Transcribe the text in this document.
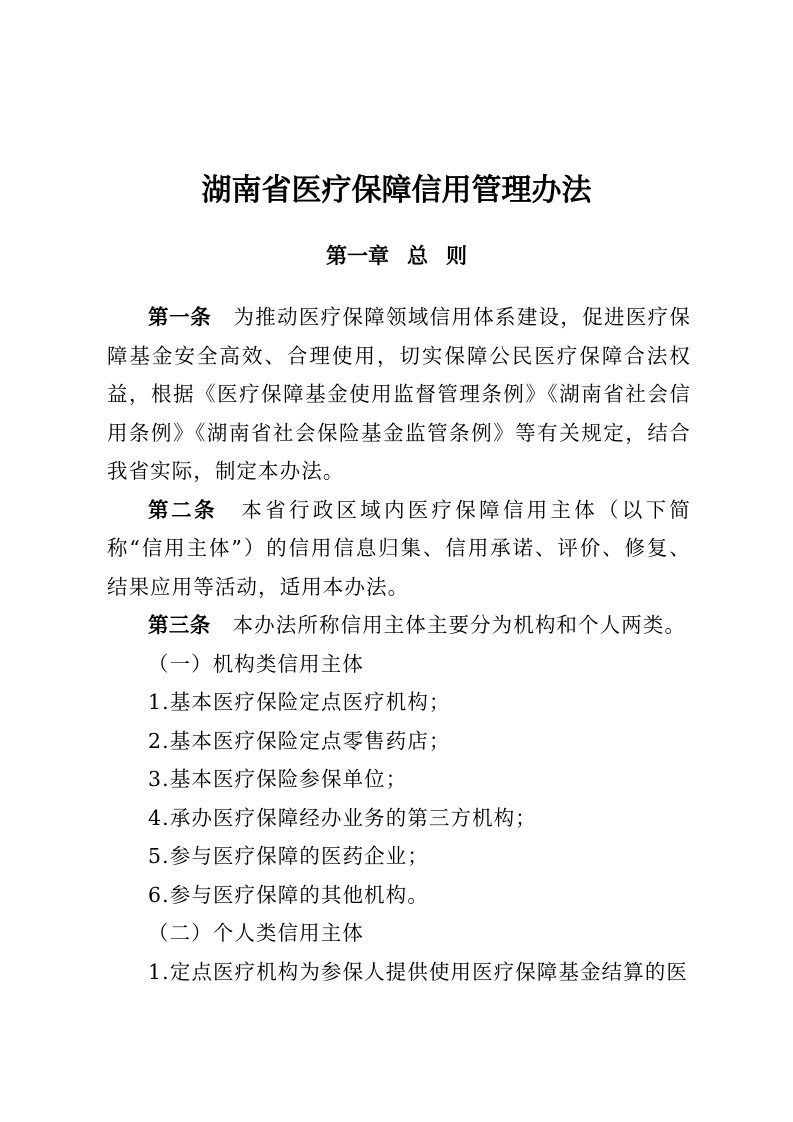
湖南省医疗保障信用管理办法
第一章 总 则

第一条 为推动医疗保障领域信用体系建设，促进医疗保障基金安全高效、合理使用，切实保障公民医疗保障合法权益，根据《医疗保障基金使用监督管理条例》《湖南省社会信用条例》《湖南省社会保险基金监管条例》等有关规定，结合我省实际，制定本办法。

第二条 本省行政区域内医疗保障信用主体（以下简称“信用主体”）的信用信息归集、信用承诺、评价、修复、结果应用等活动，适用本办法。

第三条 本办法所称信用主体主要分为机构和个人两类。

（一）机构类信用主体

1.基本医疗保险定点医疗机构；

2.基本医疗保险定点零售药店；

3.基本医疗保险参保单位；

4.承办医疗保障经办业务的第三方机构；

5.参与医疗保障的医药企业；

6.参与医疗保障的其他机构。

（二）个人类信用主体

1.定点医疗机构为参保人提供使用医疗保障基金结算的医
